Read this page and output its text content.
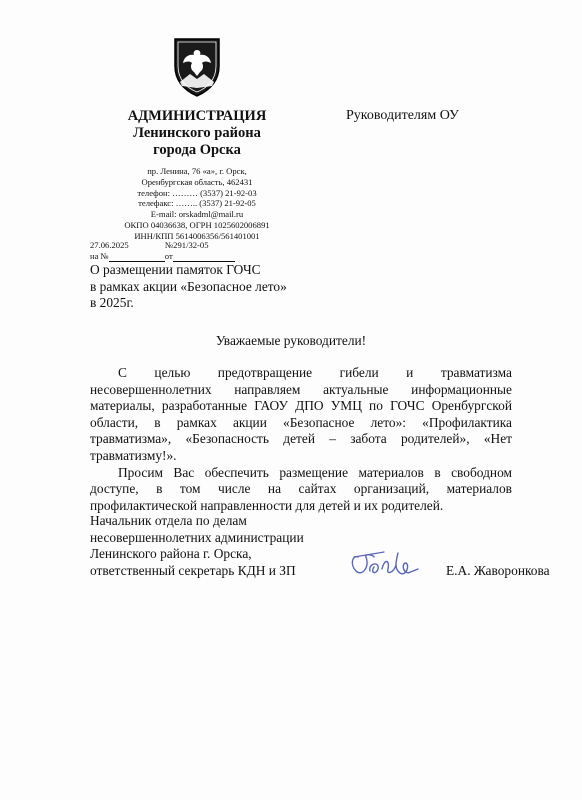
АДМИНИСТРАЦИЯ
Ленинского района
города Орска
пр. Ленина, 76 «а», г. Орск,
Оренбургская область, 462431
телефон: ……… (3537) 21-92-03
телефакс: …….. (3537) 21-92-05
E-mail: orskadml@mail.ru
ОКПО 04036638, ОГРН 1025602006891
ИНН/КПП 5614006356/561401001
Руководителям ОУ
27.06.2025	№291/32-05
на №	от
О размещении памяток ГОЧС
в рамках акции «Безопасное лето»
в 2025г.
Уважаемые руководители!

С целью предотвращение гибели и травматизма несовершеннолетних направляем актуальные информационные материалы, разработанные ГАОУ ДПО УМЦ по ГОЧС Оренбургской области, в рамках акции «Безопасное лето»: «Профилактика травматизма», «Безопасность детей – забота родителей», «Нет травматизму!».

Просим Вас обеспечить размещение материалов в свободном доступе, в том числе на сайтах организаций, материалов профилактической направленности для детей и их родителей.

Начальник отдела по делам
несовершеннолетних администрации
Ленинского района г. Орска,
ответственный секретарь КДН и ЗП	Е.А. Жаворонкова
